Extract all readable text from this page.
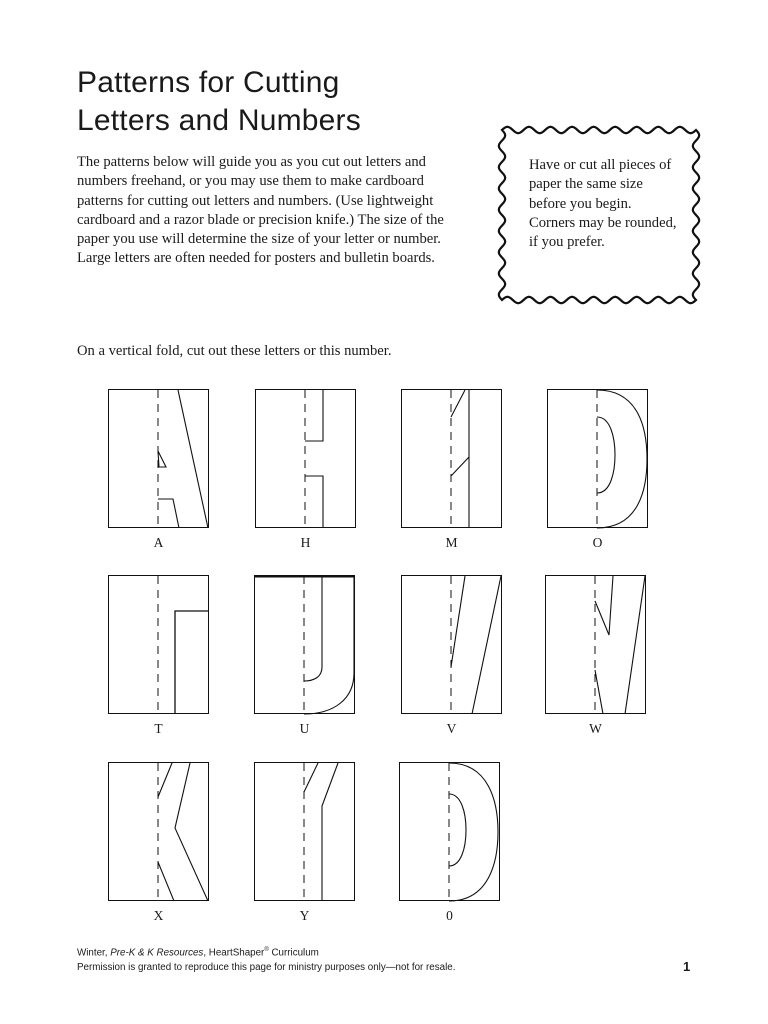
Patterns for Cutting
Letters and Numbers

The patterns below will guide you as you cut out letters and numbers freehand, or you may use them to make cardboard patterns for cutting out letters and numbers. (Use lightweight cardboard and a razor blade or precision knife.) The size of the paper you use will determine the size of your letter or number. Large letters are often needed for posters and bulletin boards.

Have or cut all pieces of paper the same size before you begin. Corners may be rounded, if you prefer.

On a vertical fold, cut out these letters or this number.

A	H	M	O
T	U	V	W
X	Y	0
Winter, Pre-K & K Resources, HeartShaper® Curriculum
Permission is granted to reproduce this page for ministry purposes only—not for resale.	1
